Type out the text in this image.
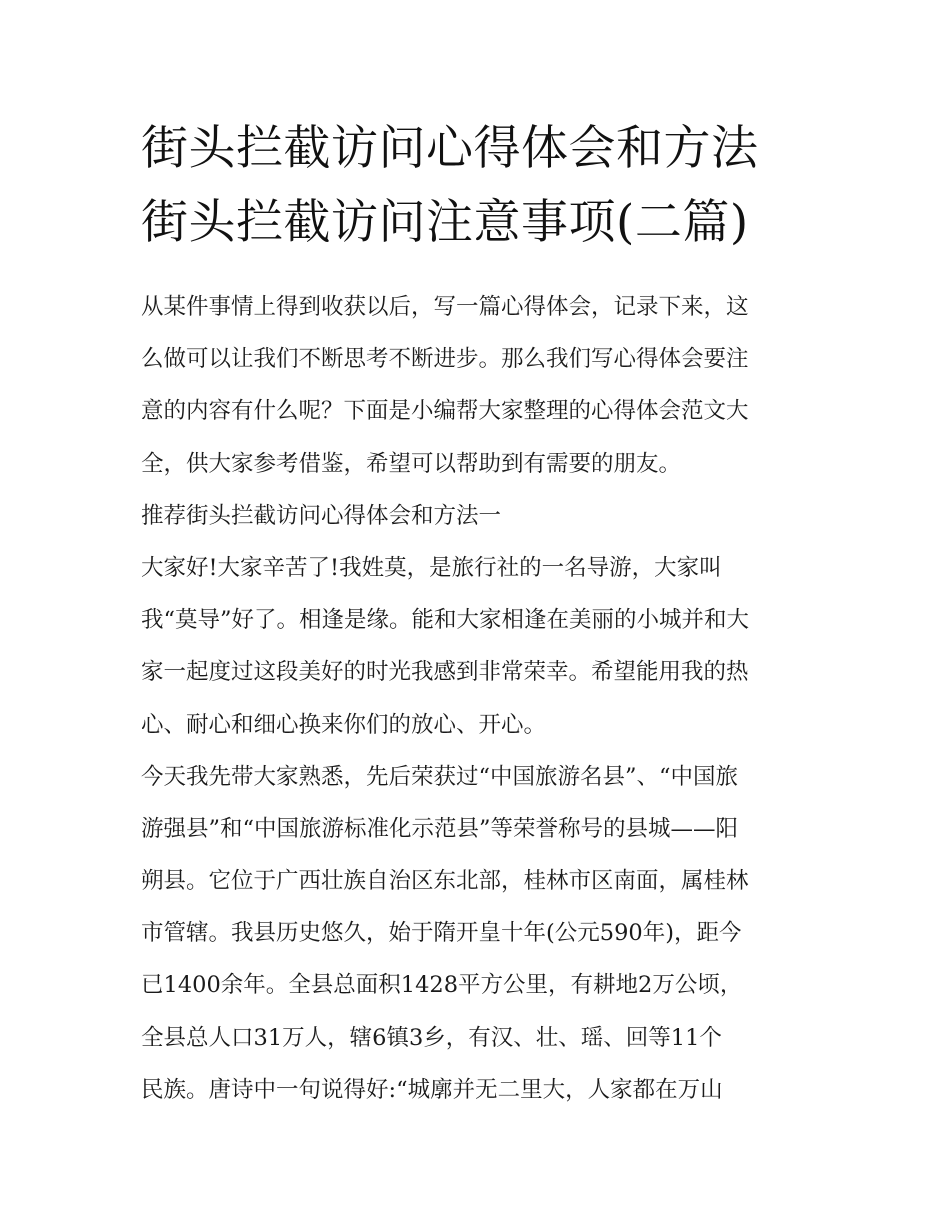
街头拦截访问心得体会和方法
街头拦截访问注意事项(二篇)
从某件事情上得到收获以后，写一篇心得体会，记录下来，这
么做可以让我们不断思考不断进步。那么我们写心得体会要注
意的内容有什么呢？下面是小编帮大家整理的心得体会范文大
全，供大家参考借鉴，希望可以帮助到有需要的朋友。
推荐街头拦截访问心得体会和方法一
大家好!大家辛苦了!我姓莫，是旅行社的一名导游，大家叫
我“莫导”好了。相逢是缘。能和大家相逢在美丽的小城并和大
家一起度过这段美好的时光我感到非常荣幸。希望能用我的热
心、耐心和细心换来你们的放心、开心。
今天我先带大家熟悉，先后荣获过“中国旅游名县”、“中国旅
游强县”和“中国旅游标准化示范县”等荣誉称号的县城——阳
朔县。它位于广西壮族自治区东北部，桂林市区南面，属桂林
市管辖。我县历史悠久，始于隋开皇十年(公元590年)，距今
已1400余年。全县总面积1428平方公里，有耕地2万公顷，
全县总人口31万人，辖6镇3乡，有汉、壮、瑶、回等11个
民族。唐诗中一句说得好:“城廓并无二里大，人家都在万山
